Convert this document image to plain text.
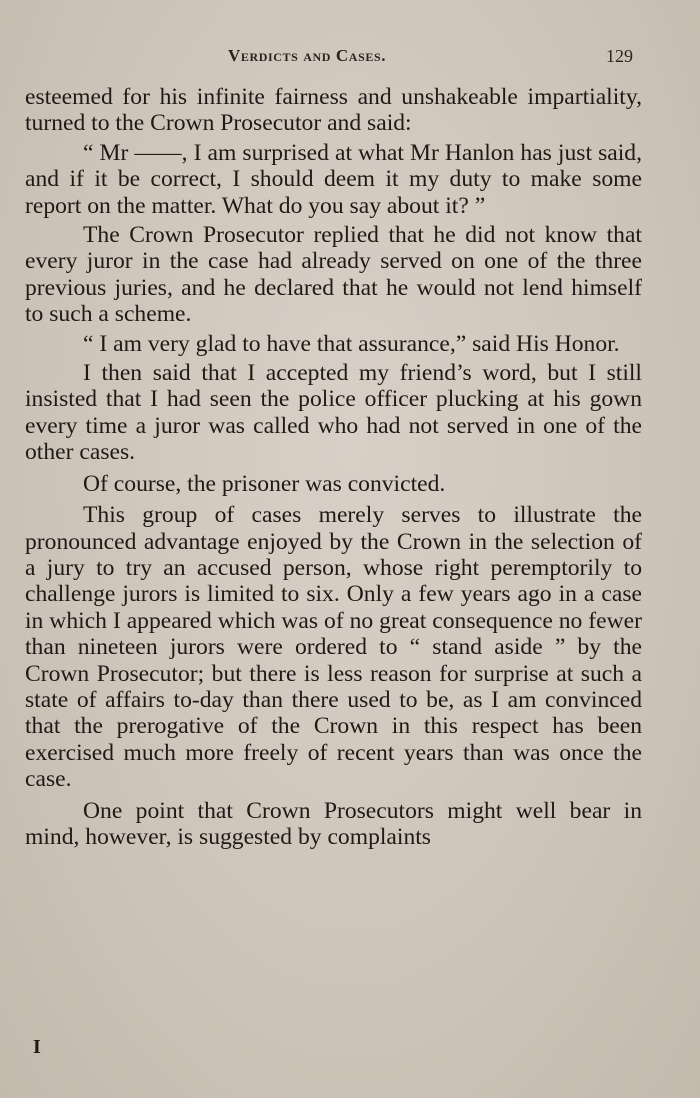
Verdicts and Cases.	129

esteemed for his infinite fairness and unshakeable impartiality, turned to the Crown Prosecutor and said:

“ Mr ——, I am surprised at what Mr Hanlon has just said, and if it be correct, I should deem it my duty to make some report on the matter. What do you say about it? ”

The Crown Prosecutor replied that he did not know that every juror in the case had already served on one of the three previous juries, and he declared that he would not lend himself to such a scheme.

“ I am very glad to have that assurance,” said His Honor.

I then said that I accepted my friend’s word, but I still insisted that I had seen the police officer plucking at his gown every time a juror was called who had not served in one of the other cases.

Of course, the prisoner was convicted.

This group of cases merely serves to illustrate the pronounced advantage enjoyed by the Crown in the selection of a jury to try an accused person, whose right peremptorily to challenge jurors is limited to six. Only a few years ago in a case in which I appeared which was of no great consequence no fewer than nineteen jurors were ordered to “ stand aside ” by the Crown Prosecutor; but there is less reason for surprise at such a state of affairs to-day than there used to be, as I am convinced that the prerogative of the Crown in this respect has been exercised much more freely of recent years than was once the case.

One point that Crown Prosecutors might well bear in mind, however, is suggested by complaints

I
